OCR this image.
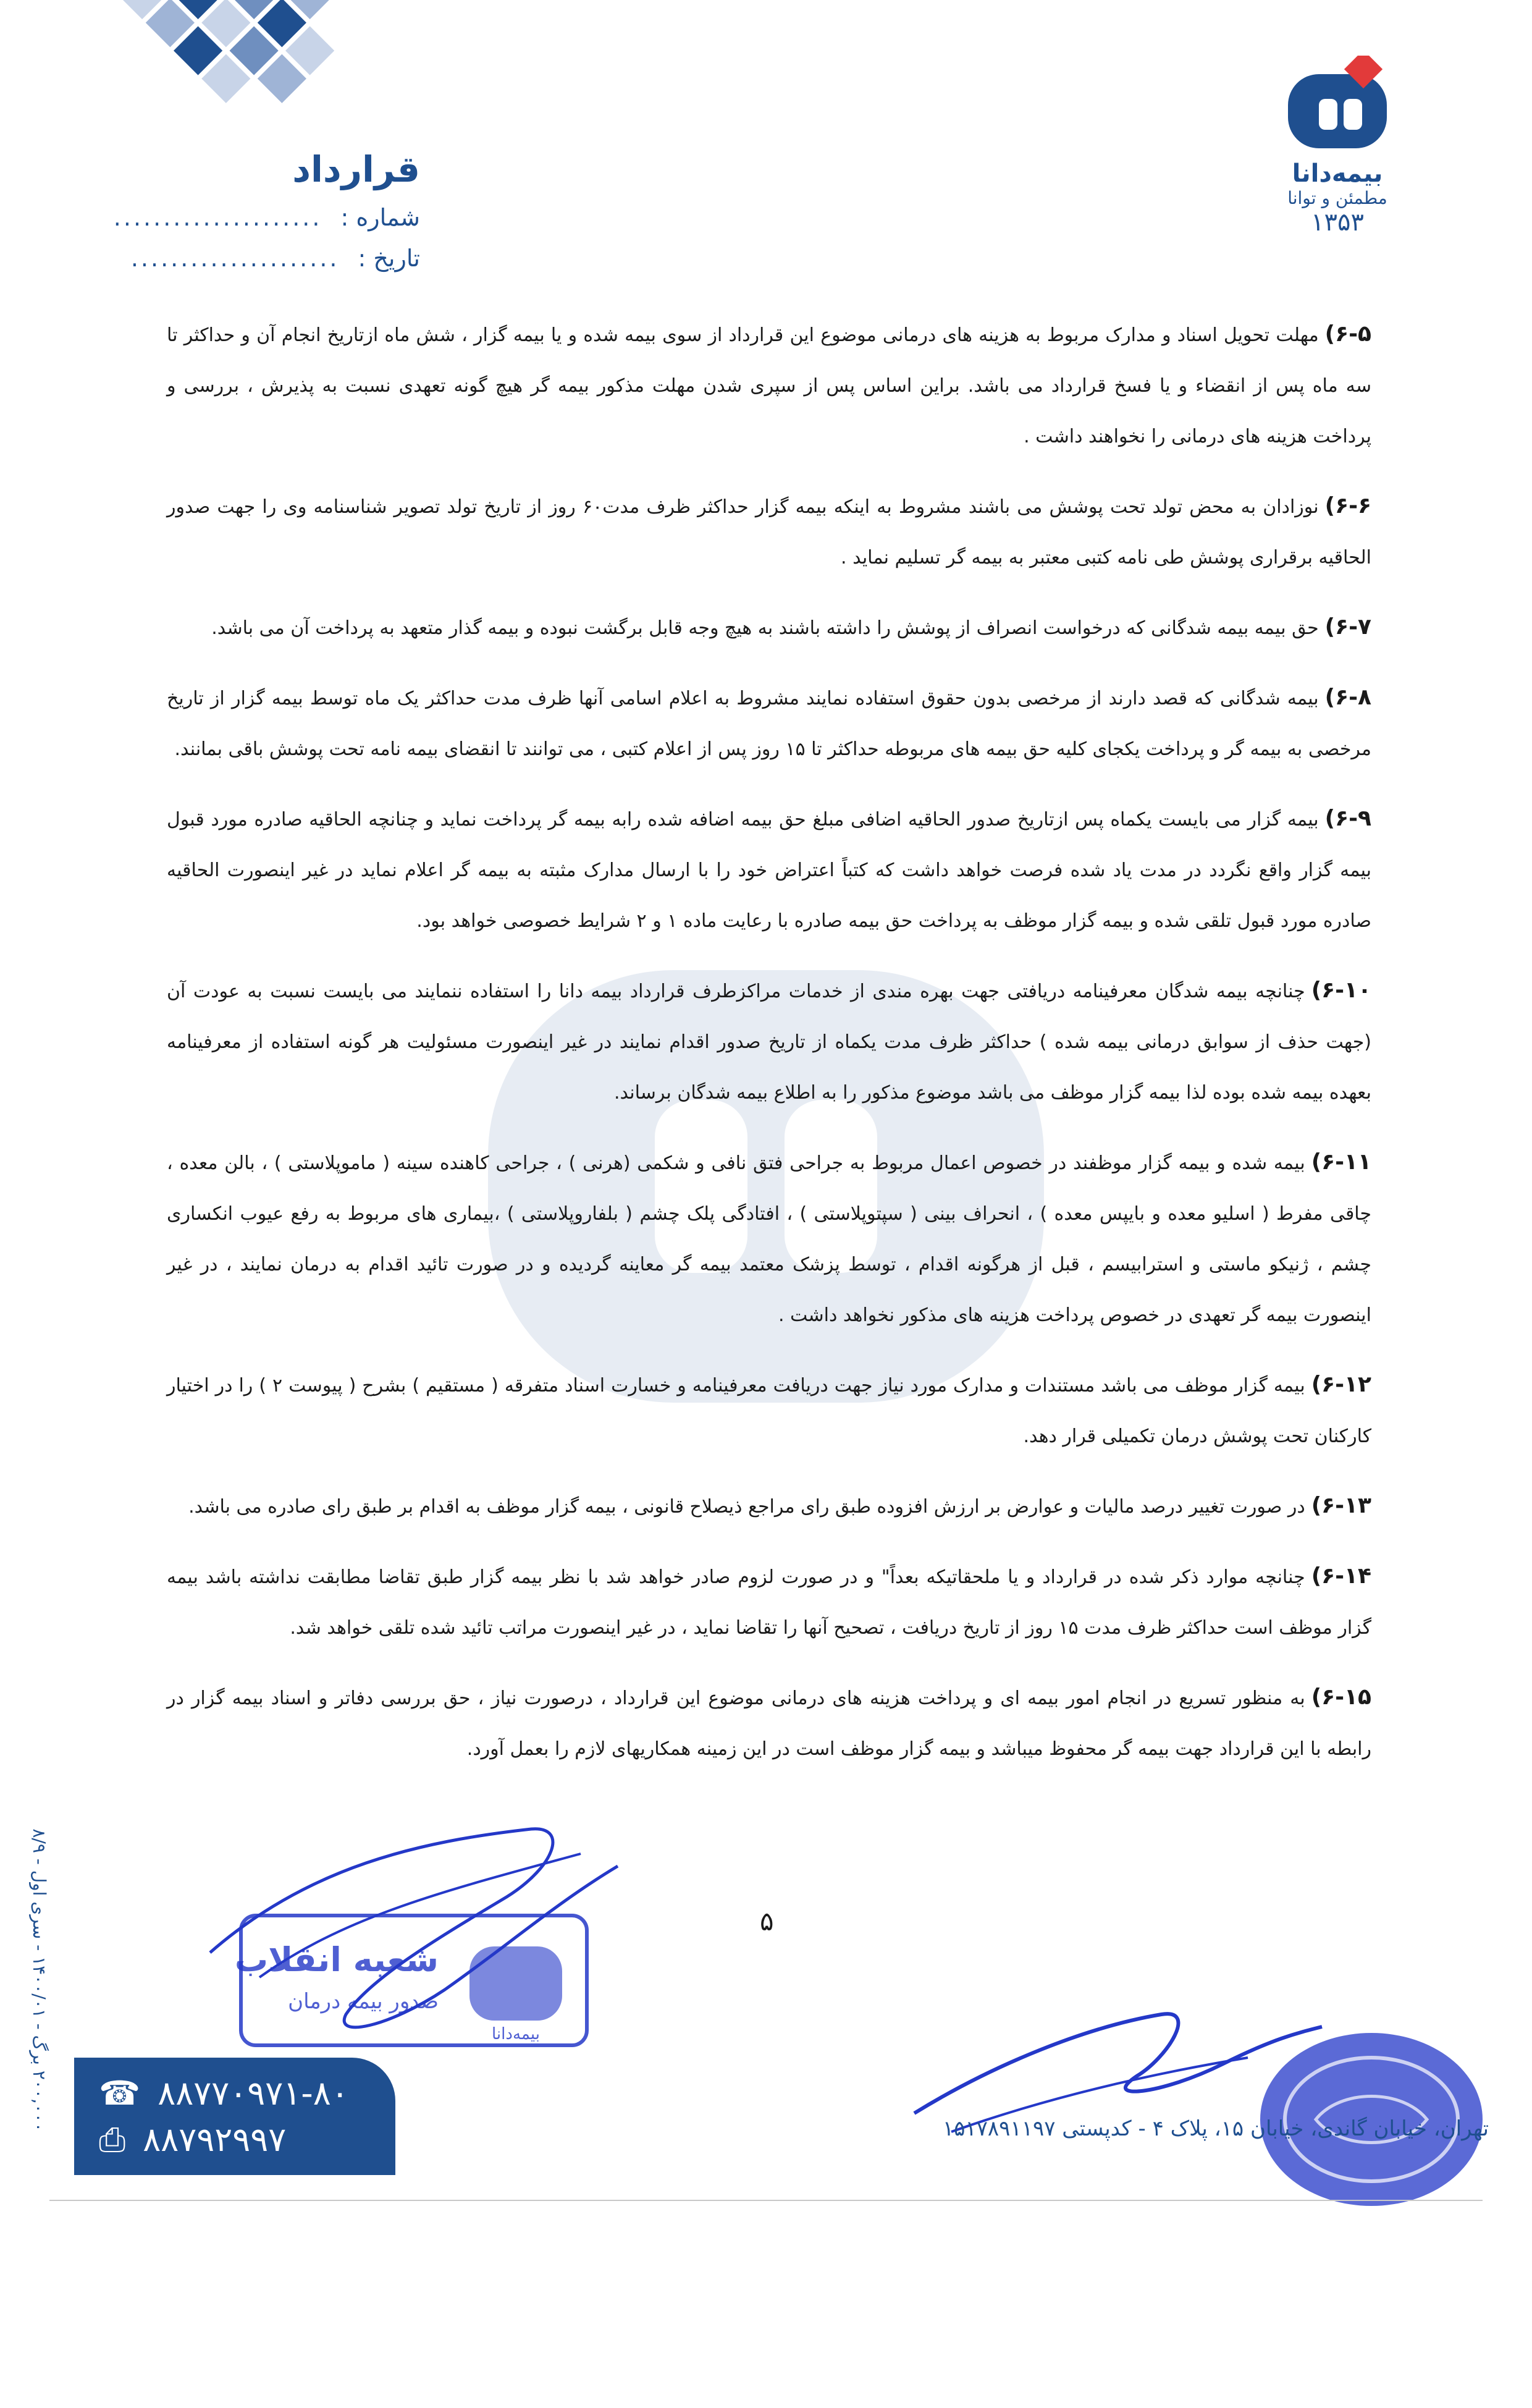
بیمه‌دانا
مطمئن و توانا
۱۳۵۳
قرارداد
شماره :
.....................
تاریخ :
.....................

۶-۵)مهلت تحویل اسناد و مدارک مربوط به هزینه های درمانی موضوع این قرارداد از سوی بیمه شده و یا بیمه گزار ، شش ماه ازتاریخ انجام آن و حداکثر تا سه ماه پس از انقضاء و یا فسخ قرارداد می باشد. براین اساس پس از سپری شدن مهلت مذکور بیمه گر هیچ گونه تعهدی نسبت به پذیرش ، بررسی و پرداخت هزینه های درمانی را نخواهند داشت .

۶-۶)نوزادان به محض تولد تحت پوشش می باشند مشروط به اینکه بیمه گزار حداکثر ظرف مدت۶۰ روز از تاریخ تولد تصویر شناسنامه وی را جهت صدور الحاقیه برقراری پوشش طی نامه کتبی معتبر به بیمه گر تسلیم نماید .

۶-۷)حق بیمه بیمه شدگانی که درخواست انصراف از پوشش را داشته باشند به هیچ وجه قابل برگشت نبوده و بیمه گذار متعهد به پرداخت آن می باشد.

۶-۸)بیمه شدگانی که قصد دارند از مرخصی بدون حقوق استفاده نمایند مشروط به اعلام اسامی آنها ظرف مدت حداکثر یک ماه توسط بیمه گزار از تاریخ مرخصی به بیمه گر و پرداخت یکجای کلیه حق بیمه های مربوطه حداکثر تا ۱۵ روز پس از اعلام کتبی ، می توانند تا انقضای بیمه نامه تحت پوشش باقی بمانند.

۶-۹)بیمه گزار می بایست یکماه پس ازتاریخ صدور الحاقیه اضافی مبلغ حق بیمه اضافه شده رابه بیمه گر پرداخت نماید و چنانچه الحاقیه صادره مورد قبول بیمه گزار واقع نگردد در مدت یاد شده فرصت خواهد داشت که کتباً اعتراض خود را با ارسال مدارک مثبته به بیمه گر اعلام نماید در غیر اینصورت الحاقیه صادره مورد قبول تلقی شده و بیمه گزار موظف به پرداخت حق بیمه صادره با رعایت ماده ۱ و ۲ شرایط خصوصی خواهد بود.

۶-۱۰)چنانچه بیمه شدگان معرفینامه دریافتی جهت بهره مندی از خدمات مراکزطرف قرارداد بیمه دانا را استفاده ننمایند می بایست نسبت به عودت آن (جهت حذف از سوابق درمانی بیمه شده ) حداکثر ظرف مدت یکماه از تاریخ صدور اقدام نمایند در غیر اینصورت مسئولیت هر گونه استفاده از معرفینامه بعهده بیمه شده بوده لذا بیمه گزار موظف می باشد موضوع مذکور را به اطلاع بیمه شدگان برساند.

۶-۱۱)بیمه شده و بیمه گزار موظفند در خصوص اعمال مربوط به جراحی فتق نافی و شکمی (هرنی ) ، جراحی کاهنده سینه ( ماموپلاستی ) ، بالن معده ، چاقی مفرط ( اسلیو معده و بایپس معده ) ، انحراف بینی ( سپتوپلاستی ) ، افتادگی پلک چشم ( بلفاروپلاستی ) ،بیماری های مربوط به رفع عیوب انکساری چشم ، ژنیکو ماستی و استرابیسم ، قبل از هرگونه اقدام ، توسط پزشک معتمد بیمه گر معاینه گردیده و در صورت تائید اقدام به درمان نمایند ، در غیر اینصورت بیمه گر تعهدی در خصوص پرداخت هزینه های مذکور نخواهد داشت .

۶-۱۲)بیمه گزار موظف می باشد مستندات و مدارک مورد نیاز جهت دریافت معرفینامه و خسارت اسناد متفرقه ( مستقیم ) بشرح ( پیوست ۲ ) را در اختیار کارکنان تحت پوشش درمان تکمیلی قرار دهد.

۶-۱۳)در صورت تغییر درصد مالیات و عوارض بر ارزش افزوده طبق رای مراجع ذیصلاح قانونی ، بیمه گزار موظف به اقدام بر طبق رای صادره می باشد.

۶-۱۴)چنانچه موارد ذکر شده در قرارداد و یا ملحقاتیکه بعداً" و در صورت لزوم صادر خواهد شد با نظر بیمه گزار طبق تقاضا مطابقت نداشته باشد بیمه گزار موظف است حداکثر ظرف مدت ۱۵ روز از تاریخ دریافت ، تصحیح آنها را تقاضا نماید ، در غیر اینصورت مراتب تائید شده تلقی خواهد شد.

۶-۱۵)به منظور تسریع در انجام امور بیمه ای و پرداخت هزینه های درمانی موضوع این قرارداد ، درصورت نیاز ، حق بررسی دفاتر و اسناد بیمه گزار در رابطه با این قرارداد جهت بیمه گر محفوظ میباشد و بیمه گزار موظف است در این زمینه همکاریهای لازم را بعمل آورد.

۵
۲۰۰,۰۰۰ برگ - ۱۴۰۰/۰۱ - سری اول - ۸/۹
شعبه انقلاب
صدور بیمه درمان
بیمه‌دانا
☎ ۸۸۷۷۰۹۷۱-۸۰
⎙ ۸۸۷۹۲۹۹۷	تهران، خیابان گاندی، خیابان ۱۵، پلاک ۴ - کدپستی ۱۵۱۷۸۹۱۱۹۷
